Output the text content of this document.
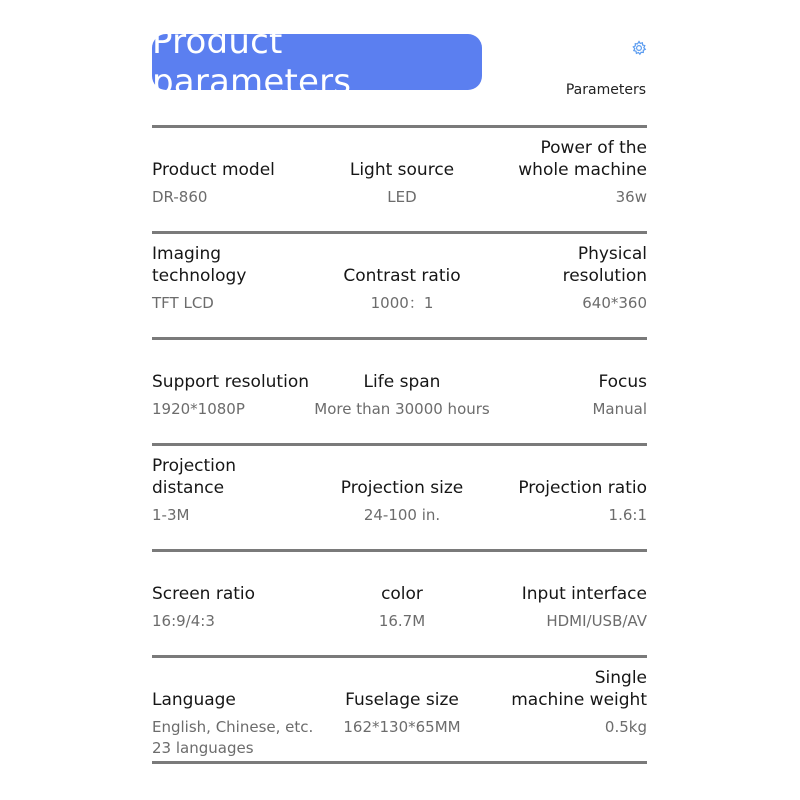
Product parameters	Parameters
Product model
DR-860
Light source
LED
Power of the
whole machine
36w
Imaging
technology
TFT LCD
Contrast ratio
1000：1
Physical
resolution
640*360
Support resolution
1920*1080P
Life span
More than 30000 hours
Focus
Manual
Projection
distance
1-3M
Projection size
24-100 in.
Projection ratio
1.6:1
Screen ratio
16:9/4:3
color
16.7M
Input interface
HDMI/USB/AV
Language
English, Chinese, etc.
23 languages
Fuselage size
162*130*65MM
Single
machine weight
0.5kg
